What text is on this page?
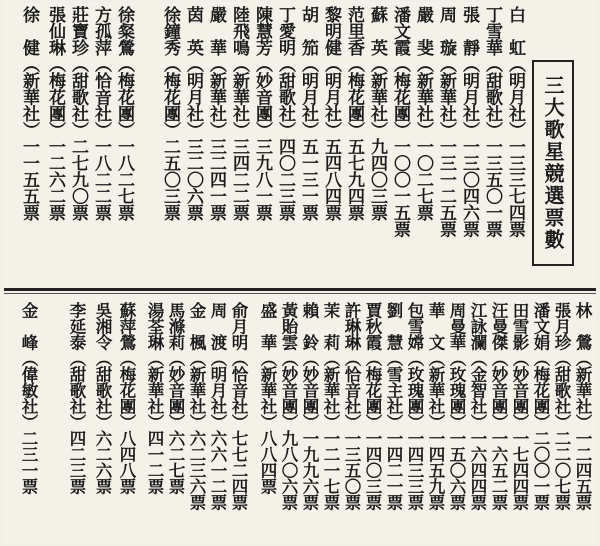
三大歌星競選票數
白　虹（明月社）一三三七四票
丁雪華（甜歌社）一三五〇一票
張　靜（明月社）一三〇四六票
周　璇（新華社）一三一二五票
嚴　斐（新華社）一〇二七票
潘文霞（梅花團）一〇〇一五票
蘇　英（新華社）九四〇三票
范里香（梅花團）五七九四票
黎明健（明月社）五四八四票
胡　笳（明月社）五一三一票
丁愛明（甜歌社）四〇二三票
陳慧芳（妙音團）三九八一票
陸飛鳴（新華社）三四二二票
嚴　華（新華社）三二四一票
茵　英（明月社）三二〇六票
徐鐘秀（梅花團）二五〇三票
徐粲鶯（梅花團）一八二七票
方孤萍（恰音社）一八二二票
莊寶珍（甜歌社）二七九〇票
張仙琳（梅花團）一二六二票
徐　健（新華社）一一五五票
林　鶯（新華社）一二四五票
張月珍（甜歌社）二二〇七票
潘文娟（梅花團）二〇〇一票
田雪影（妙音團）一七四四票
汪曼傑（妙音團）一六五二票
江詠瀾（金智社）一六四四票
周曼華（玫瑰團）一五〇六票
華　文（新華社）一四五九票
包雪嫦（玫瑰團）一四三三票
劉　慧（雪主社）一四二一票
賈秋霞（梅花團）一四〇三票
許琳琳（恰音社）一三五〇票
茉　莉（新華社）一二一七票
賴　鈴（妙音團）一九九六票
黃貽雲（妙音團）九八〇六票
盛　華（新華社）八八四票
俞月明（恰音社）七七二四票
周　渡（明月社）六六一二票
金　楓（新華社）六二三六票
馬滌莉（妙音團）六二七票
湯荃琳（新華社）四一二票
蘇萍鶯（梅花團）八四八票
吳湘令（甜歌社）六二六票
李延泰（甜歌社）四二三票
金　峰（偉敏社）二三一票
